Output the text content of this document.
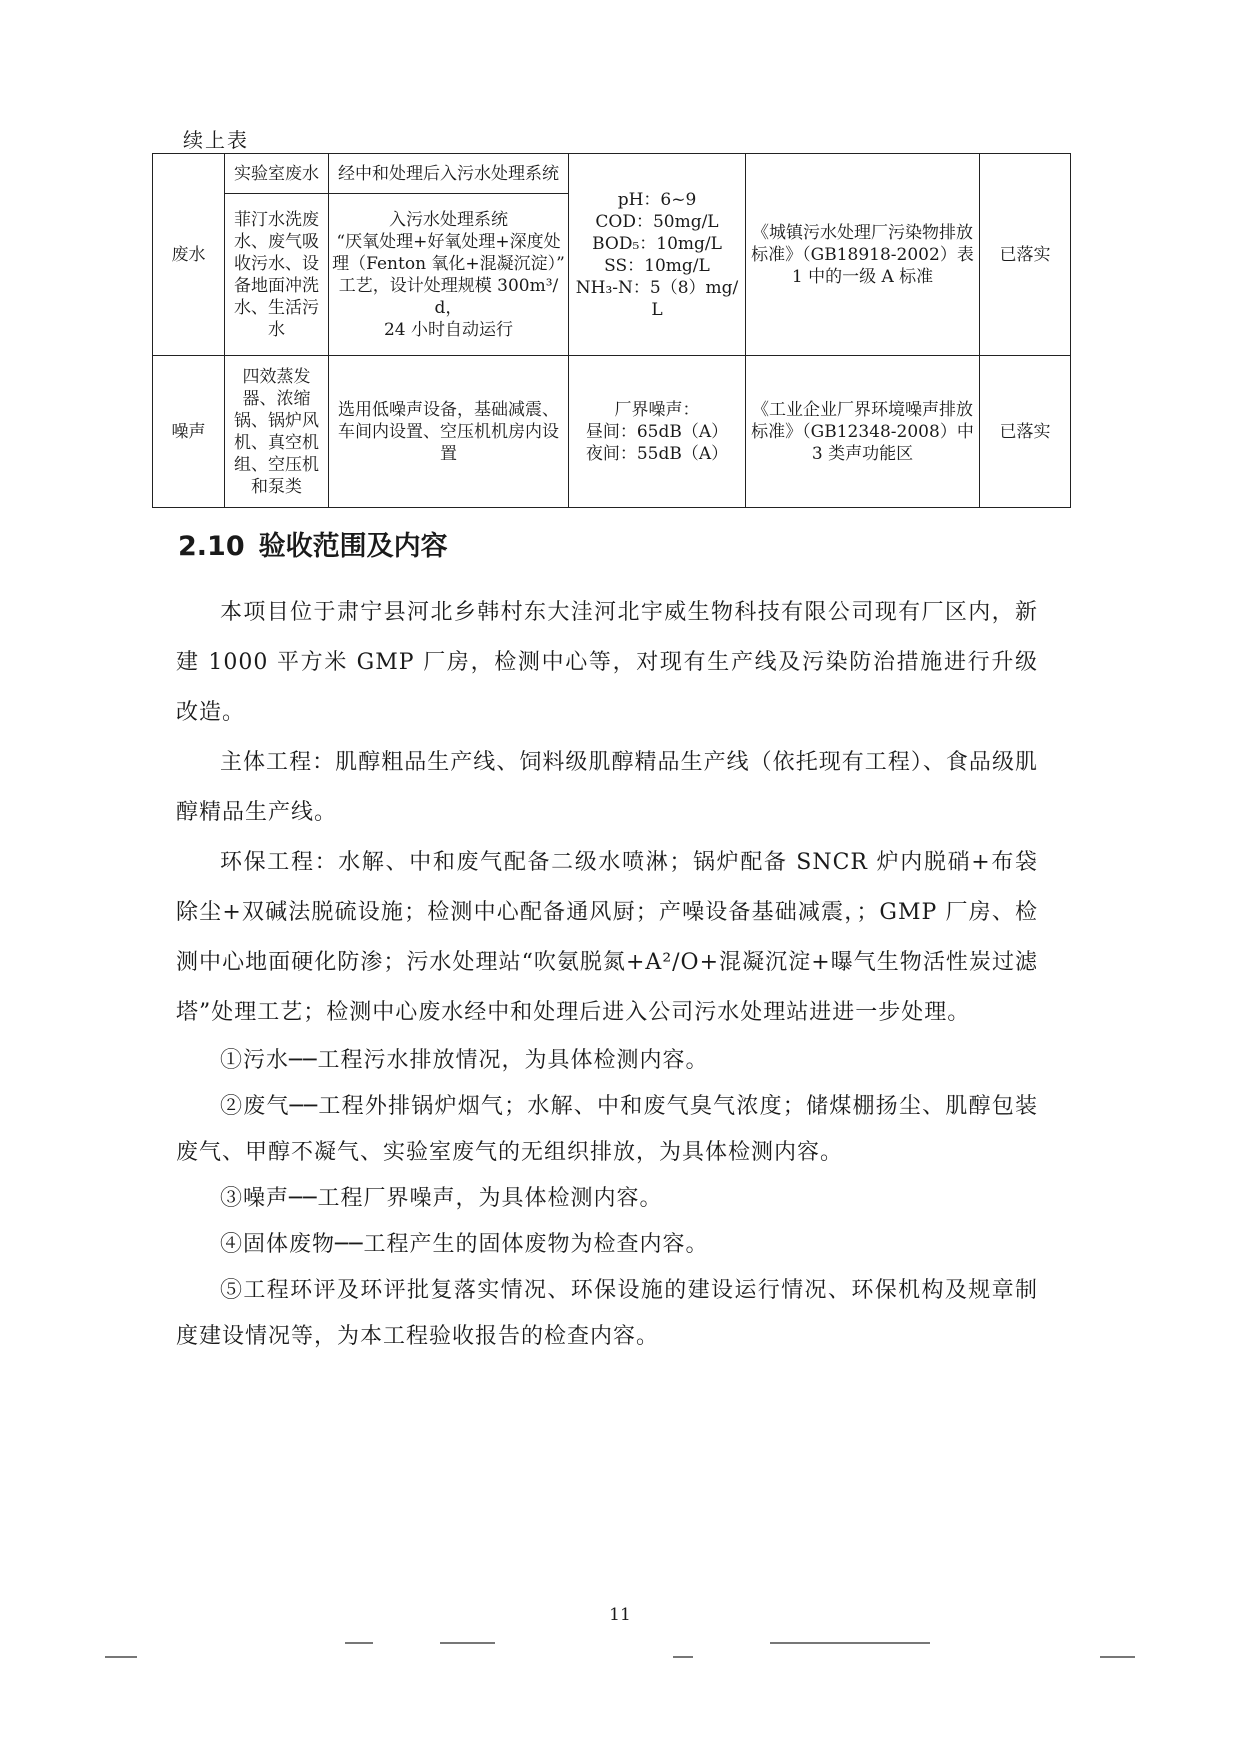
续上表
废水	实验室废水	经中和处理后入污水处理系统	pH：6~9
COD：50mg/L
BOD₅：10mg/L
SS：10mg/L
NH₃-N：5（8）mg/L	《城镇污水处理厂污染物排放标准》（GB18918-2002）表 1 中的一级 A 标准	已落实
	菲汀水洗废水、废气吸收污水、设备地面冲洗水、生活污水	入污水处理系统
“厌氧处理+好氧处理+深度处理（Fenton 氧化+混凝沉淀）”
工艺，设计处理规模 300m³/d，
24 小时自动运行			

噪声	四效蒸发器、浓缩锅、锅炉风机、真空机组、空压机和泵类	选用低噪声设备，基础减震、车间内设置、空压机机房内设置	厂界噪声：
昼间：65dB（A）
夜间：55dB（A）	《工业企业厂界环境噪声排放标准》（GB12348-2008）中 3 类声功能区	已落实
2.10 验收范围及内容

本项目位于肃宁县河北乡韩村东大洼河北宇威生物科技有限公司现有厂区内，新建 1000 平方米 GMP 厂房，检测中心等，对现有生产线及污染防治措施进行升级改造。

主体工程：肌醇粗品生产线、饲料级肌醇精品生产线（依托现有工程）、食品级肌醇精品生产线。

环保工程：水解、中和废气配备二级水喷淋；锅炉配备 SNCR 炉内脱硝+布袋除尘+双碱法脱硫设施；检测中心配备通风厨；产噪设备基础减震，；GMP 厂房、检测中心地面硬化防渗；污水处理站“吹氨脱氮+A²/O+混凝沉淀+曝气生物活性炭过滤塔”处理工艺；检测中心废水经中和处理后进入公司污水处理站进进一步处理。

①污水──工程污水排放情况，为具体检测内容。

②废气──工程外排锅炉烟气；水解、中和废气臭气浓度；储煤棚扬尘、肌醇包装废气、甲醇不凝气、实验室废气的无组织排放，为具体检测内容。

③噪声──工程厂界噪声，为具体检测内容。

④固体废物──工程产生的固体废物为检查内容。

⑤工程环评及环评批复落实情况、环保设施的建设运行情况、环保机构及规章制度建设情况等，为本工程验收报告的检查内容。

11
